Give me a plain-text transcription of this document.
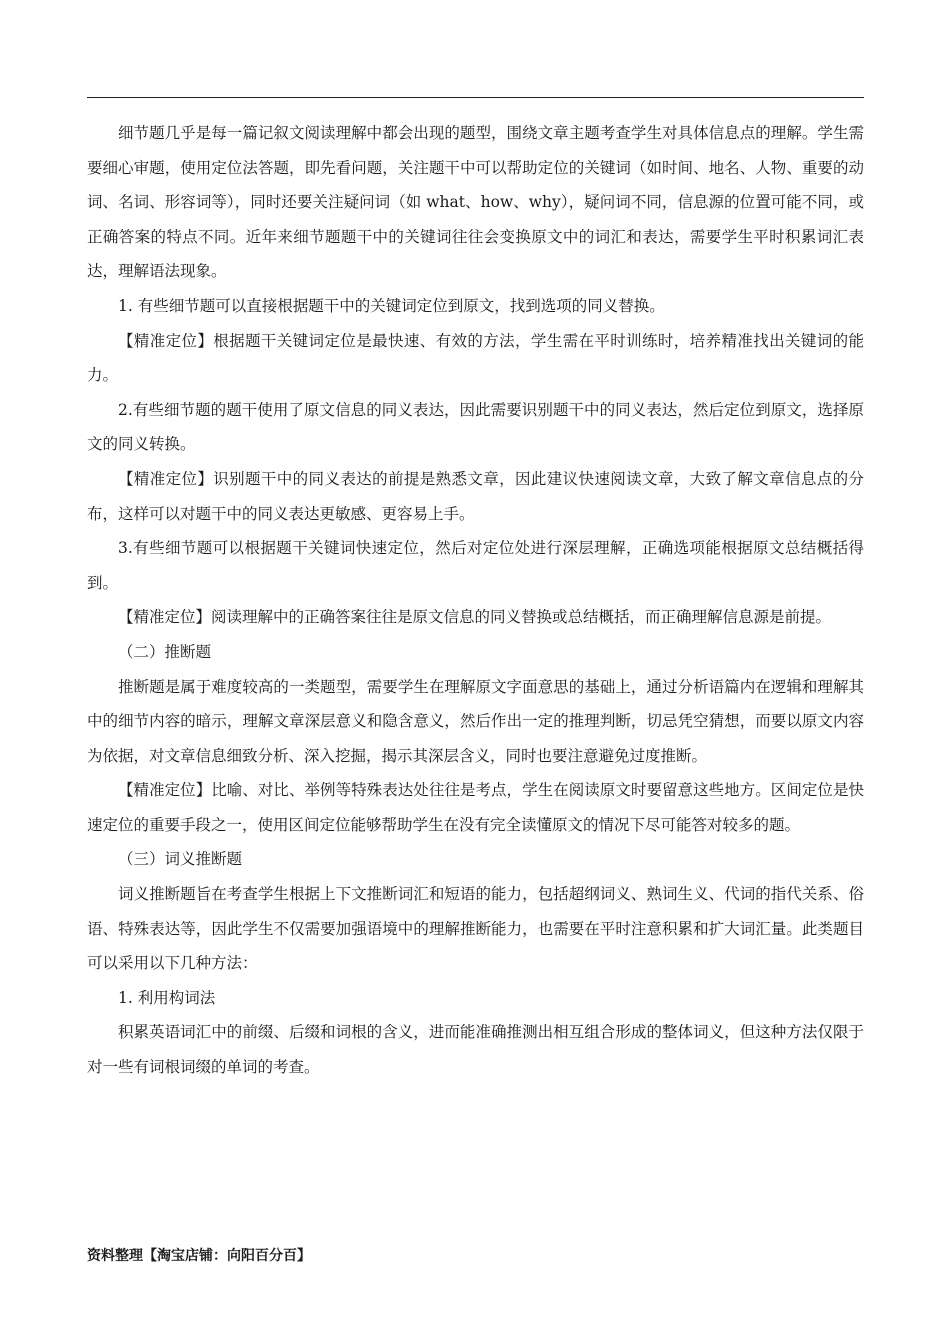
细节题几乎是每一篇记叙文阅读理解中都会出现的题型，围绕文章主题考查学生对具体信息点的理解。学生需要细心审题，使用定位法答题，即先看问题，关注题干中可以帮助定位的关键词（如时间、地名、人物、重要的动词、名词、形容词等），同时还要关注疑问词（如 what、how、why），疑问词不同，信息源的位置可能不同，或正确答案的特点不同。近年来细节题题干中的关键词往往会变换原文中的词汇和表达，需要学生平时积累词汇表达，理解语法现象。

1. 有些细节题可以直接根据题干中的关键词定位到原文，找到选项的同义替换。

【精准定位】根据题干关键词定位是最快速、有效的方法，学生需在平时训练时，培养精准找出关键词的能力。

2.有些细节题的题干使用了原文信息的同义表达，因此需要识别题干中的同义表达，然后定位到原文，选择原文的同义转换。

【精准定位】识别题干中的同义表达的前提是熟悉文章，因此建议快速阅读文章，大致了解文章信息点的分布，这样可以对题干中的同义表达更敏感、更容易上手。

3.有些细节题可以根据题干关键词快速定位，然后对定位处进行深层理解，正确选项能根据原文总结概括得到。

【精准定位】阅读理解中的正确答案往往是原文信息的同义替换或总结概括，而正确理解信息源是前提。

（二）推断题

推断题是属于难度较高的一类题型，需要学生在理解原文字面意思的基础上，通过分析语篇内在逻辑和理解其中的细节内容的暗示，理解文章深层意义和隐含意义，然后作出一定的推理判断，切忌凭空猜想，而要以原文内容为依据，对文章信息细致分析、深入挖掘，揭示其深层含义，同时也要注意避免过度推断。

【精准定位】比喻、对比、举例等特殊表达处往往是考点，学生在阅读原文时要留意这些地方。区间定位是快速定位的重要手段之一，使用区间定位能够帮助学生在没有完全读懂原文的情况下尽可能答对较多的题。

（三）词义推断题

词义推断题旨在考查学生根据上下文推断词汇和短语的能力，包括超纲词义、熟词生义、代词的指代关系、俗语、特殊表达等，因此学生不仅需要加强语境中的理解推断能力，也需要在平时注意积累和扩大词汇量。此类题目可以采用以下几种方法：

1. 利用构词法

积累英语词汇中的前缀、后缀和词根的含义，进而能准确推测出相互组合形成的整体词义，但这种方法仅限于对一些有词根词缀的单词的考查。

资料整理【淘宝店铺：向阳百分百】
